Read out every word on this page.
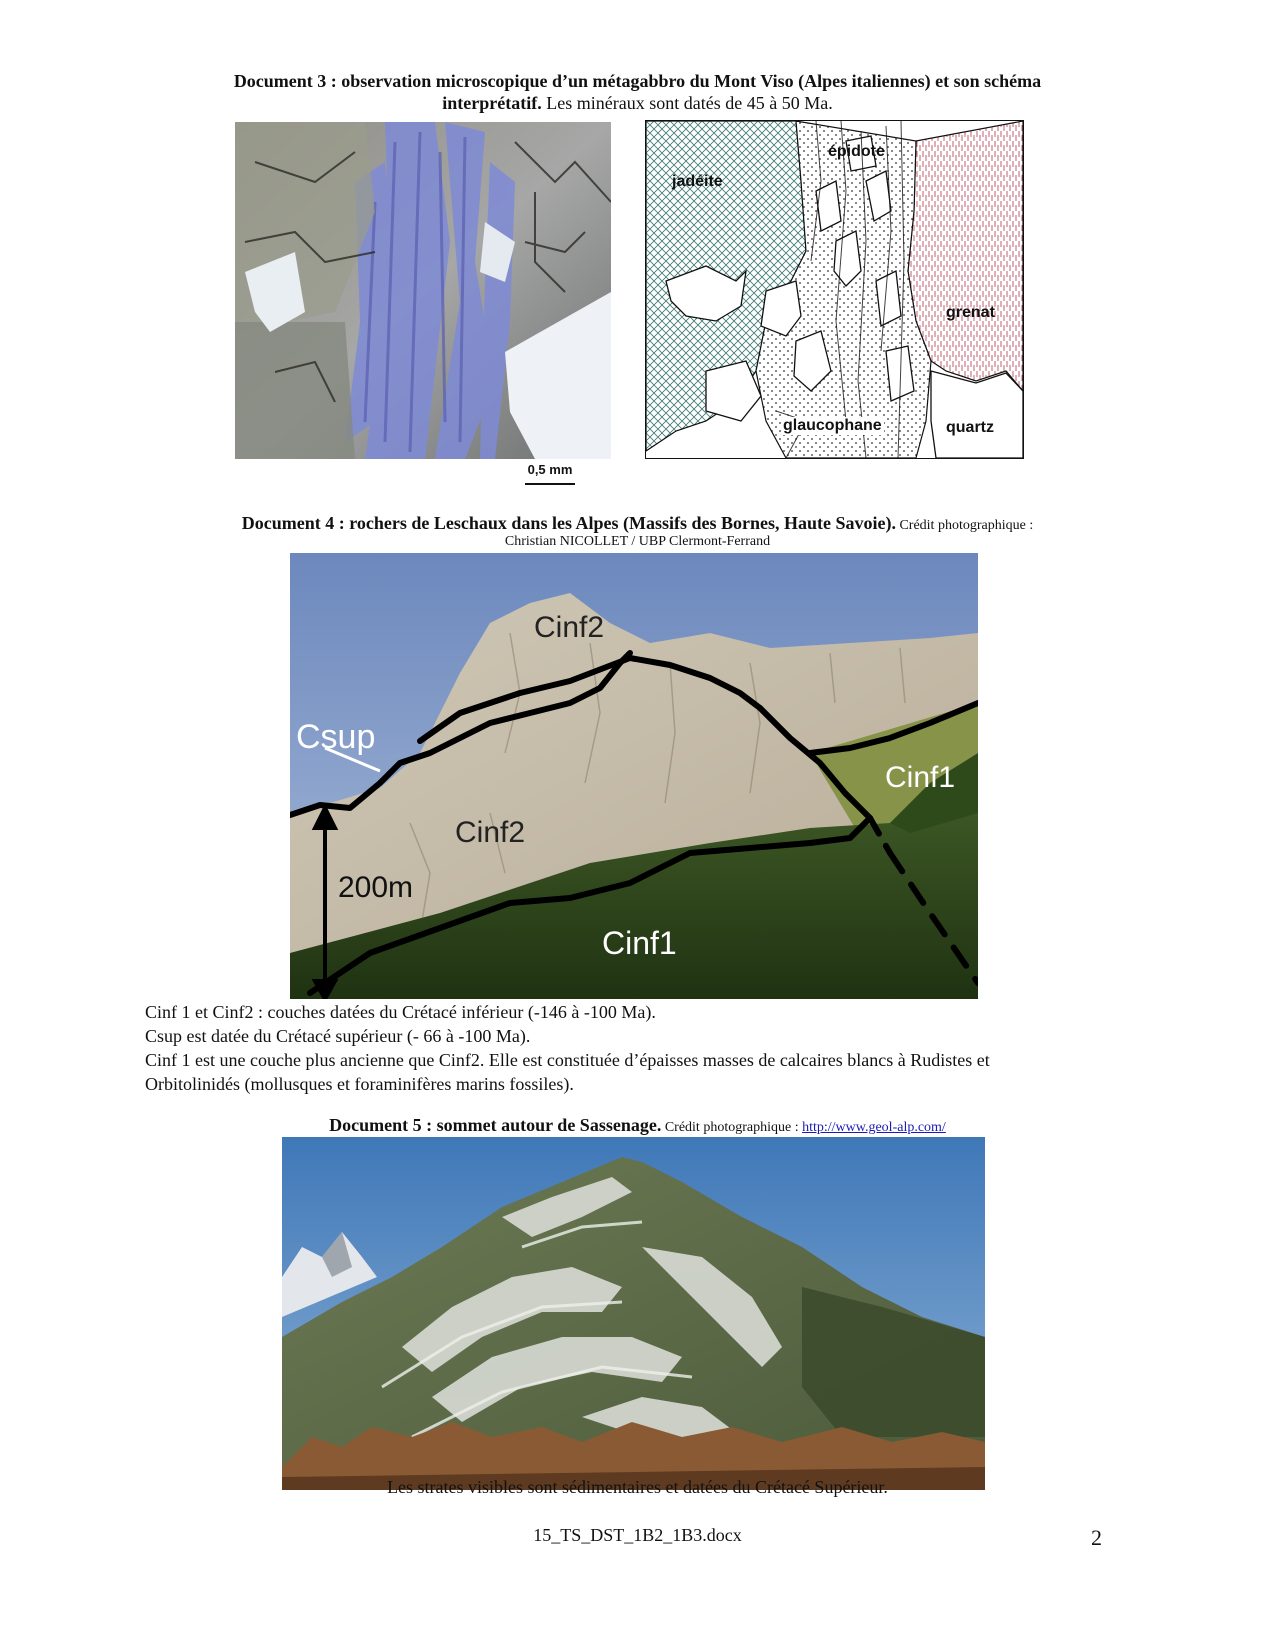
Document 3 : observation microscopique d’un métagabbro du Mont Viso (Alpes italiennes) et son schéma
interprétatif. Les minéraux sont datés de 45 à 50 Ma.
jadéite
épidote
grenat
glaucophane	quartz
0,5 mm
Document 4 : rochers de Leschaux dans les Alpes (Massifs des Bornes, Haute Savoie). Crédit photographique :
Christian NICOLLET / UBP Clermont-Ferrand
Cinf2
Csup
Cinf1
Cinf2
200m
Cinf1
Cinf 1 et Cinf2 : couches datées du Crétacé inférieur (-146 à -100 Ma).
Csup est datée du Crétacé supérieur (- 66 à -100 Ma).
Cinf 1 est une couche plus ancienne que Cinf2. Elle est constituée d’épaisses masses de calcaires blancs à Rudistes et
Orbitolinidés (mollusques et foraminifères marins fossiles).
Document 5 : sommet autour de Sassenage. Crédit photographique : http://www.geol-alp.com/
Les strates visibles sont sédimentaires et datées du Crétacé Supérieur.
15_TS_DST_1B2_1B3.docx	2
